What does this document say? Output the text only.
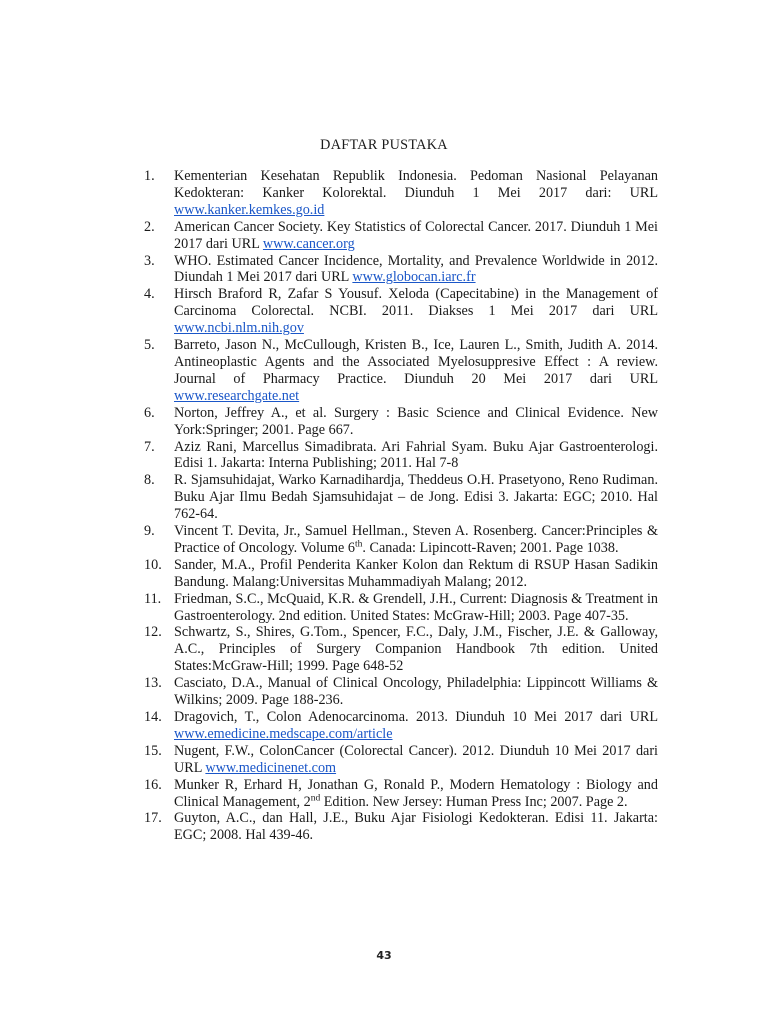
DAFTAR PUSTAKA
1.	Kementerian Kesehatan Republik Indonesia. Pedoman Nasional Pelayanan Kedokteran: Kanker Kolorektal. Diunduh 1 Mei 2017 dari: URL www.kanker.kemkes.go.id
2.	American Cancer Society. Key Statistics of Colorectal Cancer. 2017. Diunduh 1 Mei 2017 dari URL www.cancer.org
3.	WHO. Estimated Cancer Incidence, Mortality, and Prevalence Worldwide in 2012. Diundah 1 Mei 2017 dari URL www.globocan.iarc.fr
4.	Hirsch Braford R, Zafar S Yousuf. Xeloda (Capecitabine) in the Management of Carcinoma Colorectal. NCBI. 2011. Diakses 1 Mei 2017 dari URL www.ncbi.nlm.nih.gov
5.	Barreto, Jason N., McCullough, Kristen B., Ice, Lauren L., Smith, Judith A. 2014. Antineoplastic Agents and the Associated Myelosuppresive Effect : A review. Journal of Pharmacy Practice. Diunduh 20 Mei 2017 dari URL www.researchgate.net
6.	Norton, Jeffrey A., et al. Surgery : Basic Science and Clinical Evidence. New York:Springer; 2001. Page 667.
7.	Aziz Rani, Marcellus Simadibrata. Ari Fahrial Syam. Buku Ajar Gastroenterologi. Edisi 1. Jakarta: Interna Publishing; 2011. Hal 7-8
8.	R. Sjamsuhidajat, Warko Karnadihardja, Theddeus O.H. Prasetyono, Reno Rudiman. Buku Ajar Ilmu Bedah Sjamsuhidajat – de Jong. Edisi 3. Jakarta: EGC; 2010. Hal 762-64.
9.	Vincent T. Devita, Jr., Samuel Hellman., Steven A. Rosenberg. Cancer:Principles & Practice of Oncology. Volume 6th. Canada: Lipincott-Raven; 2001. Page 1038.
10. Sander, M.A., Profil Penderita Kanker Kolon dan Rektum di RSUP Hasan Sadikin Bandung. Malang:Universitas Muhammadiyah Malang; 2012.
11. Friedman, S.C., McQuaid, K.R. & Grendell, J.H., Current: Diagnosis & Treatment in Gastroenterology. 2nd edition. United States: McGraw-Hill; 2003. Page 407-35.
12. Schwartz, S., Shires, G.Tom., Spencer, F.C., Daly, J.M., Fischer, J.E. & Galloway, A.C., Principles of Surgery Companion Handbook 7th edition. United States:McGraw-Hill; 1999. Page 648-52
13. Casciato, D.A., Manual of Clinical Oncology, Philadelphia: Lippincott Williams & Wilkins; 2009. Page 188-236.
14. Dragovich, T., Colon Adenocarcinoma. 2013. Diunduh 10 Mei 2017 dari URL www.emedicine.medscape.com/article
15. Nugent, F.W., ColonCancer (Colorectal Cancer). 2012. Diunduh 10 Mei 2017 dari URL www.medicinenet.com
16. Munker R, Erhard H, Jonathan G, Ronald P., Modern Hematology : Biology and Clinical Management, 2nd Edition. New Jersey: Human Press Inc; 2007. Page 2.
17. Guyton, A.C., dan Hall, J.E., Buku Ajar Fisiologi Kedokteran. Edisi 11. Jakarta: EGC; 2008. Hal 439-46.
43
